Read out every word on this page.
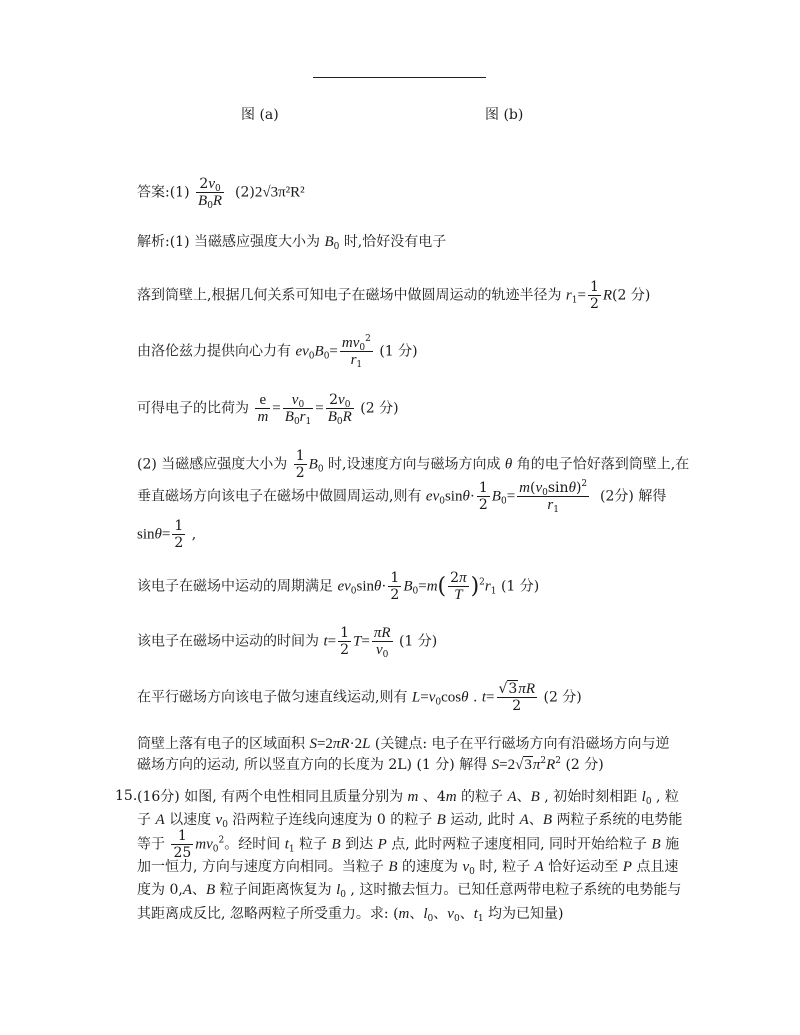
图 (a)	图 (b)
答案:(1) $\frac{2v_0}{B_0R} (2)2√3\pi^2R^2$
解析:(1) 当磁感应强度大小为 $B_0$ 时,恰好没有电子
落到筒壁上,根据几何关系可知电子在磁场中做圆周运动的轨迹半径为 $r_1= \frac{1}{2} R(2$ 分)
由洛伦兹力提供向心力有 $ev_0B_0= \frac{mv_0^2}{r_1} (1$ 分)
可得电子的比荷为 $\frac{e}{m} = \frac{v_0}{B_0r_1} = \frac{2v_0}{B_0R} (2$ 分)
(2) 当磁感应强度大小为 $\frac{1}{2} B_0$ 时,设速度方向与磁场方向成 θ 角的电子恰好落到筒壁上,在
垂直磁场方向该电子在磁场中做圆周运动,则有 $ev_0\sin\theta\cdot \frac{1}{2} B_0= \frac{m(v_0\sin\theta)^2}{r_1} (2$分) 解得
$\sin\theta= \frac{1}{2}$ ,
该电子在磁场中运动的周期满足 $ev_0\sin\theta\cdot \frac{1}{2} B_0=m( \frac{2\pi}{T} )^2r_1$ (1 分)
该电子在磁场中运动的时间为 $t= \frac{1}{2} T= \frac{\pi R}{v_0} (1$ 分)
在平行磁场方向该电子做匀速直线运动,则有 $L=v_0\cos\theta$ . $t= \frac{√3\pi R}{2} (2$ 分)
筒壁上落有电子的区域面积 S=2πR·2L (关键点: 电子在平行磁场方向有沿磁场方向与逆
磁场方向的运动, 所以竖直方向的长度为 2L) (1 分) 解得 $S=2√3\pi^2R^2$ (2 分)
15. (16分) 如图, 有两个电性相同且质量分别为 m 、4m 的粒子 A、B , 初始时刻相距 $l_0$ , 粒
子 A 以速度 $v_0$ 沿两粒子连线向速度为 0 的粒子 B 运动, 此时 A、B 两粒子系统的电势能
等于 $\frac{1}{25} mv_0^2$。经时间 $t_1$ 粒子 B 到达 P 点, 此时两粒子速度相同, 同时开始给粒子 B 施
加一恒力, 方向与速度方向相同。当粒子 B 的速度为 $v_0$ 时, 粒子 A 恰好运动至 P 点且速
度为 0,A、B 粒子间距离恢复为 $l_0$ , 这时撤去恒力。已知任意两带电粒子系统的电势能与
其距离成反比, 忽略两粒子所受重力。求: (m、$l_0$、$v_0$、$t_1$ 均为已知量)
